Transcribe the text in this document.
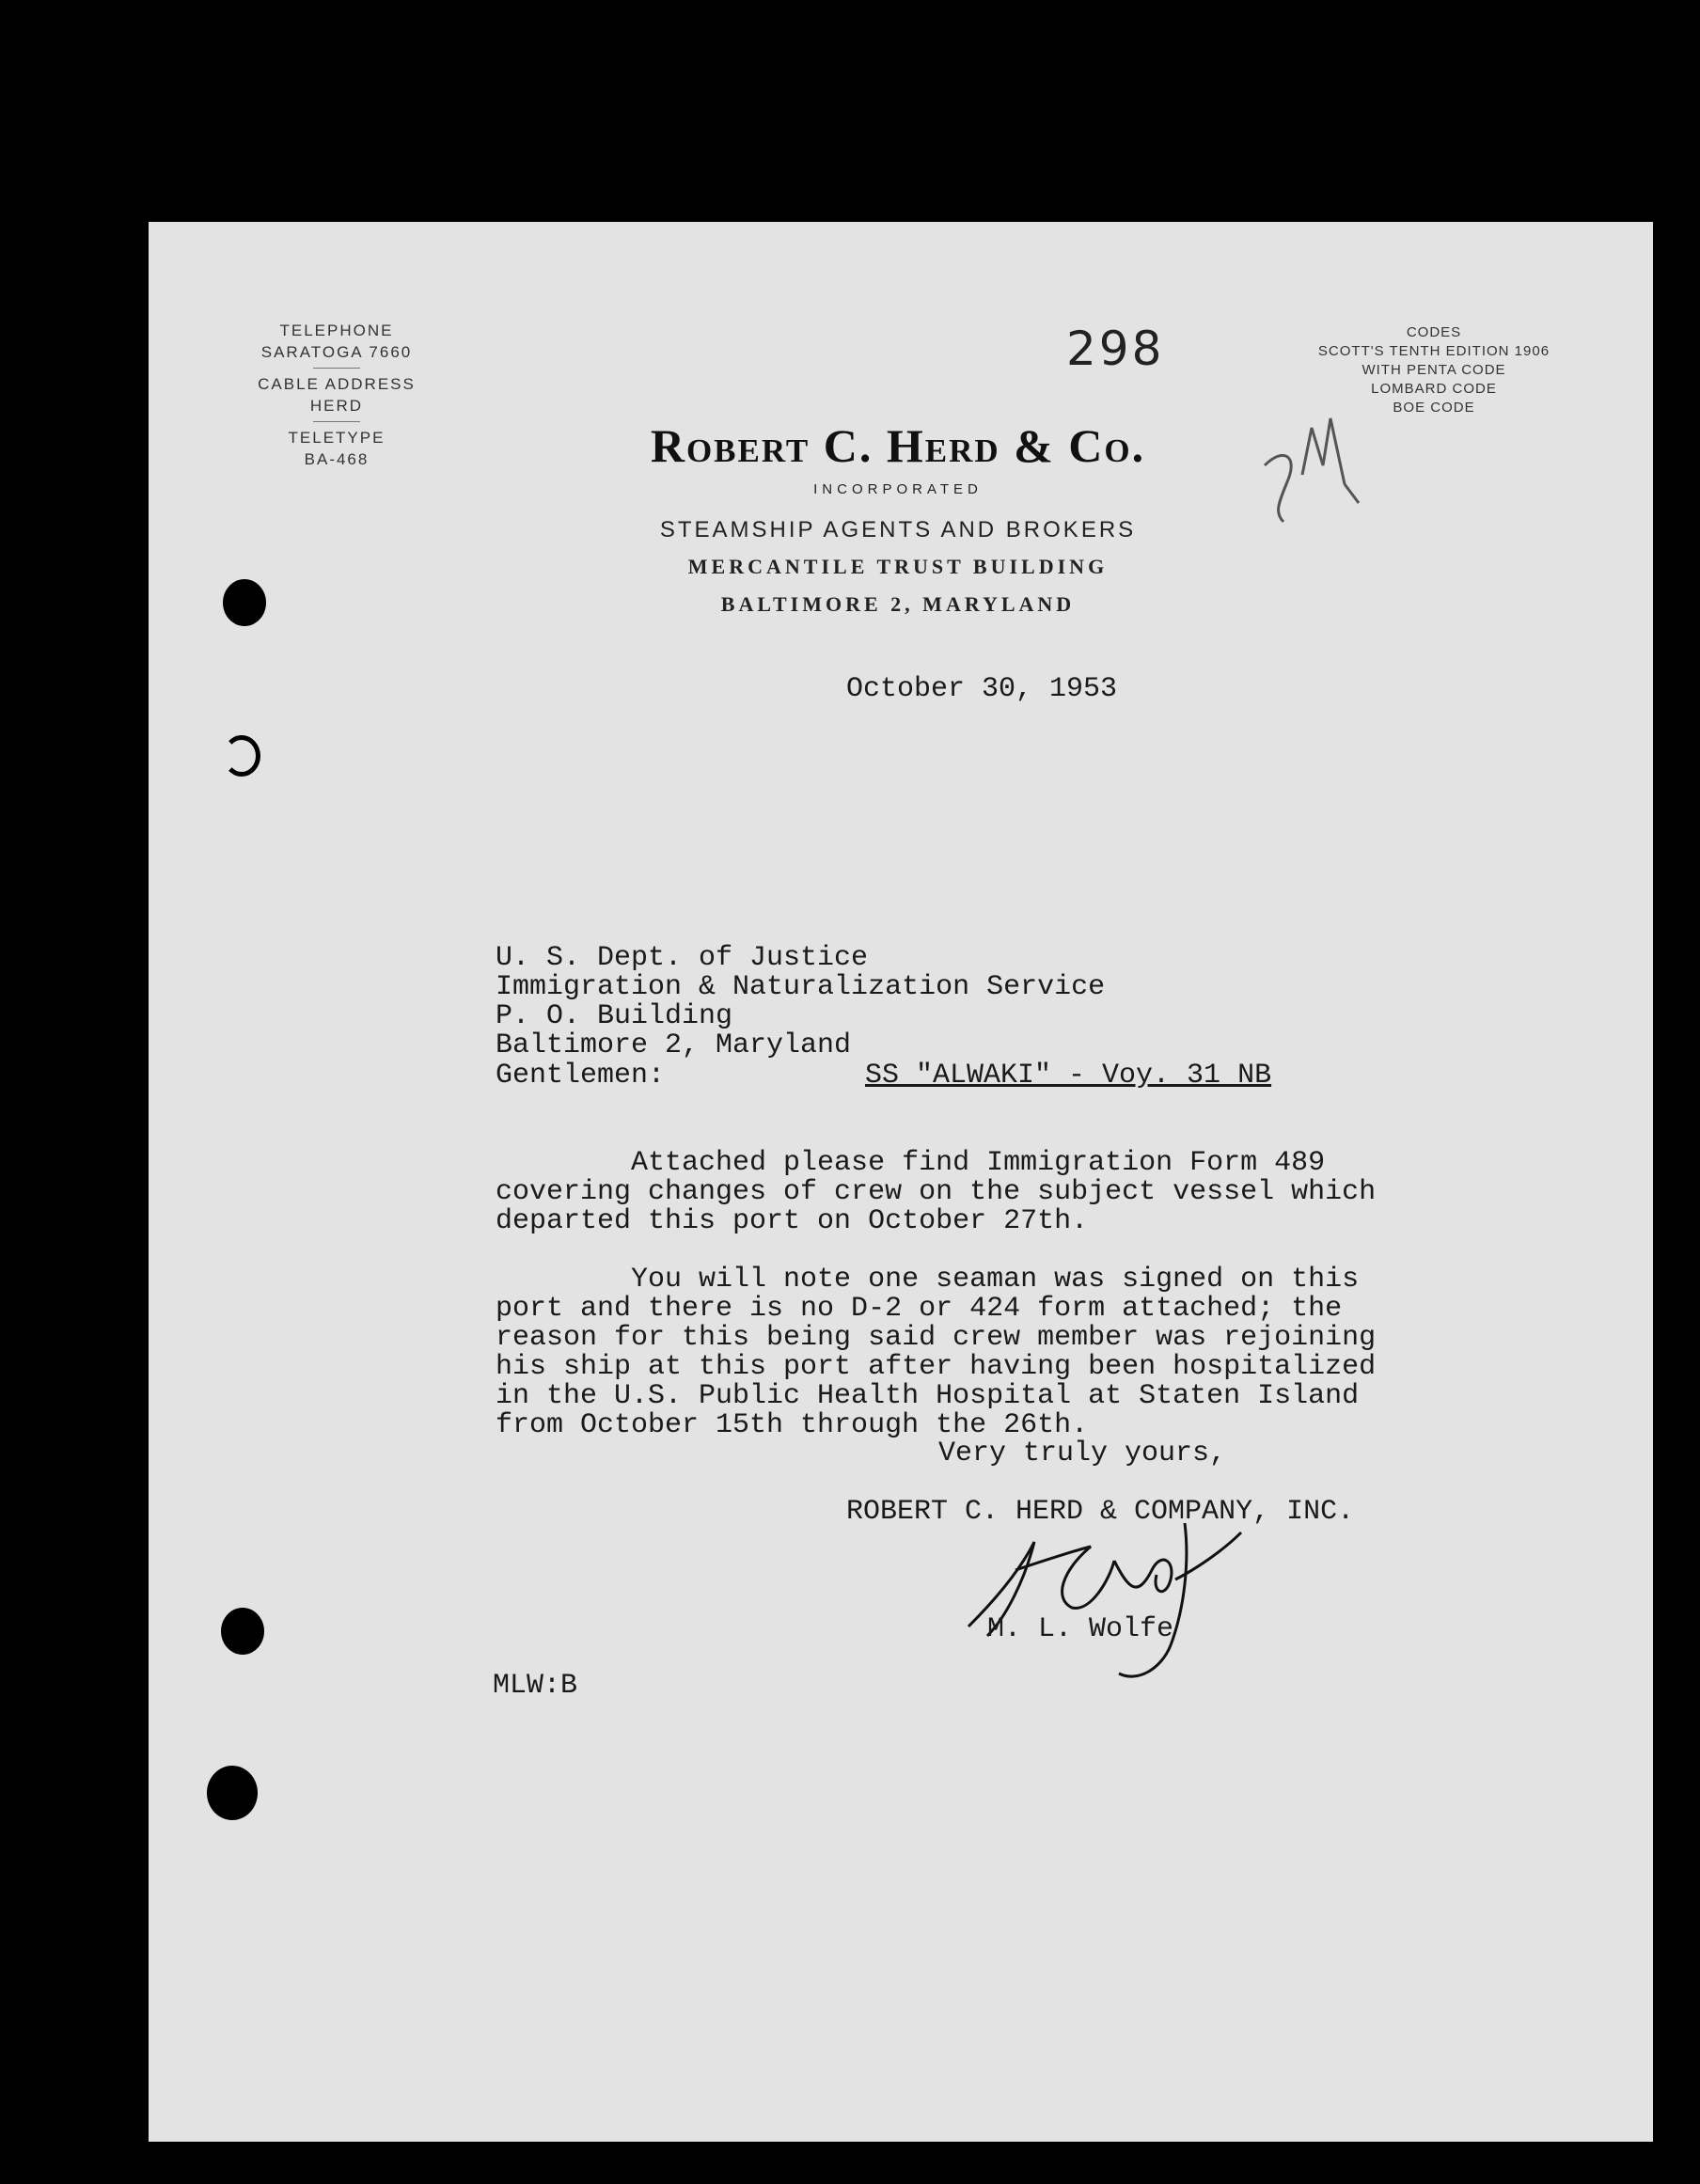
TELEPHONE
SARATOGA 7660
CABLE ADDRESS
HERD
TELETYPE
BA-468
CODES
SCOTT'S TENTH EDITION 1906
WITH PENTA CODE
LOMBARD CODE
BOE CODE
298
Robert C. Herd & Co.
INCORPORATED
STEAMSHIP AGENTS AND BROKERS
MERCANTILE TRUST BUILDING
BALTIMORE 2, MARYLAND
October 30, 1953

U. S. Dept. of Justice
Immigration & Naturalization Service
P. O. Building
Baltimore 2, Maryland

Gentlemen:	SS "ALWAKI" - Voy. 31 NB

Attached please find Immigration Form 489
covering changes of crew on the subject vessel which
departed this port on October 27th.

You will note one seaman was signed on this
port and there is no D-2 or 424 form attached; the
reason for this being said crew member was rejoining
his ship at this port after having been hospitalized
in the U.S. Public Health Hospital at Staten Island
from October 15th through the 26th.

Very truly yours,
ROBERT C. HERD & COMPANY, INC.
M. L. Wolfe
MLW:B
